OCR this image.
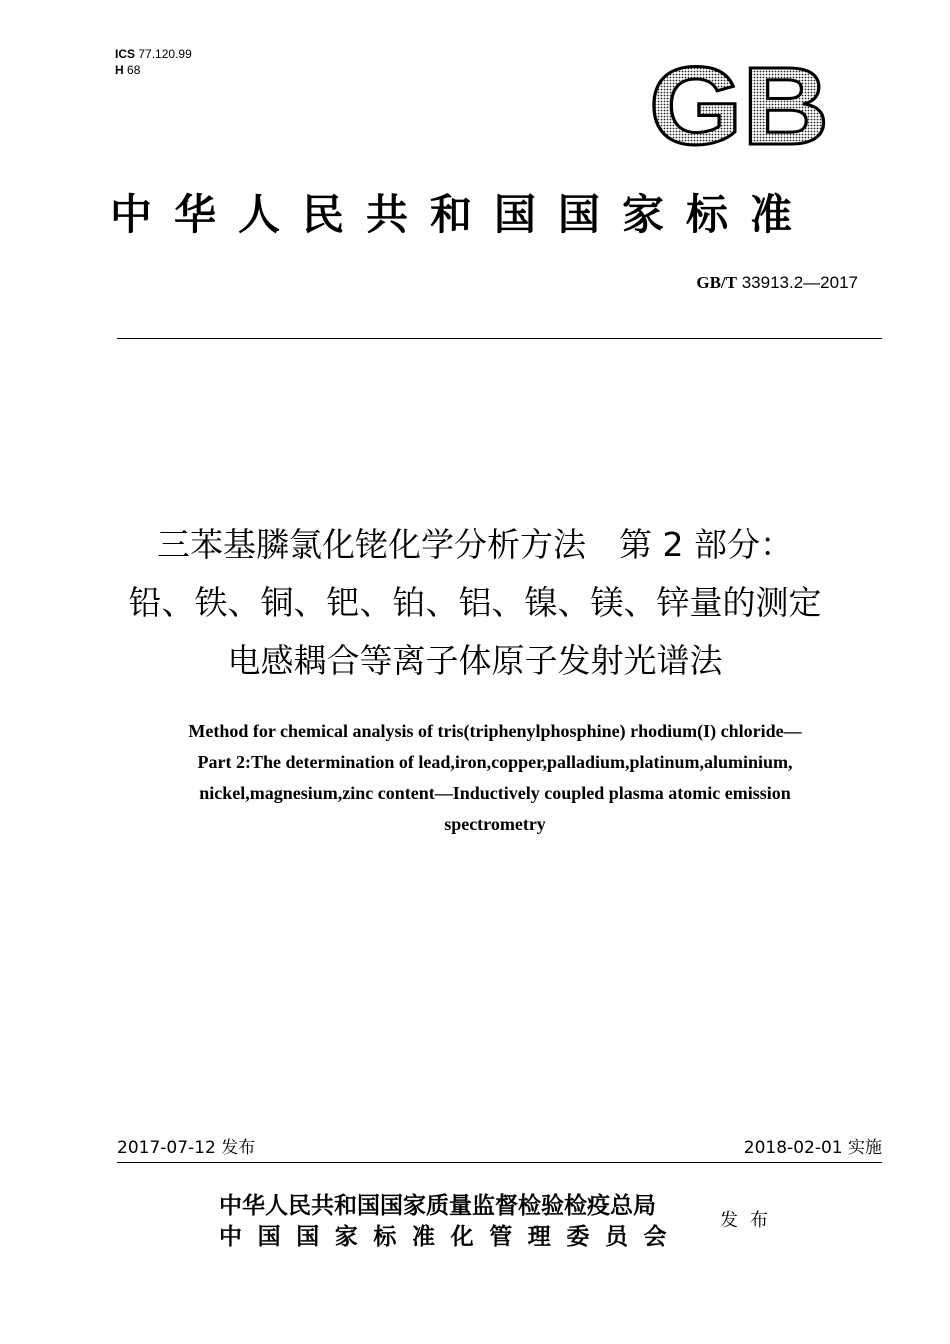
ICS 77.120.99
H 68	GB
中华人民共和国国家标准
GB/T 33913.2—2017
三苯基膦氯化铑化学分析方法　第 2 部分：
铅、铁、铜、钯、铂、铝、镍、镁、锌量的测定
电感耦合等离子体原子发射光谱法
Method for chemical analysis of tris(triphenylphosphine) rhodium(I) chloride—
Part 2:The determination of lead,iron,copper,palladium,platinum,aluminium,
nickel,magnesium,zinc content—Inductively coupled plasma atomic emission
spectrometry
2017-07-12 发布	2018-02-01 实施
中华人民共和国国家质量监督检验检疫总局
中国国家标准化管理委员会
发布
